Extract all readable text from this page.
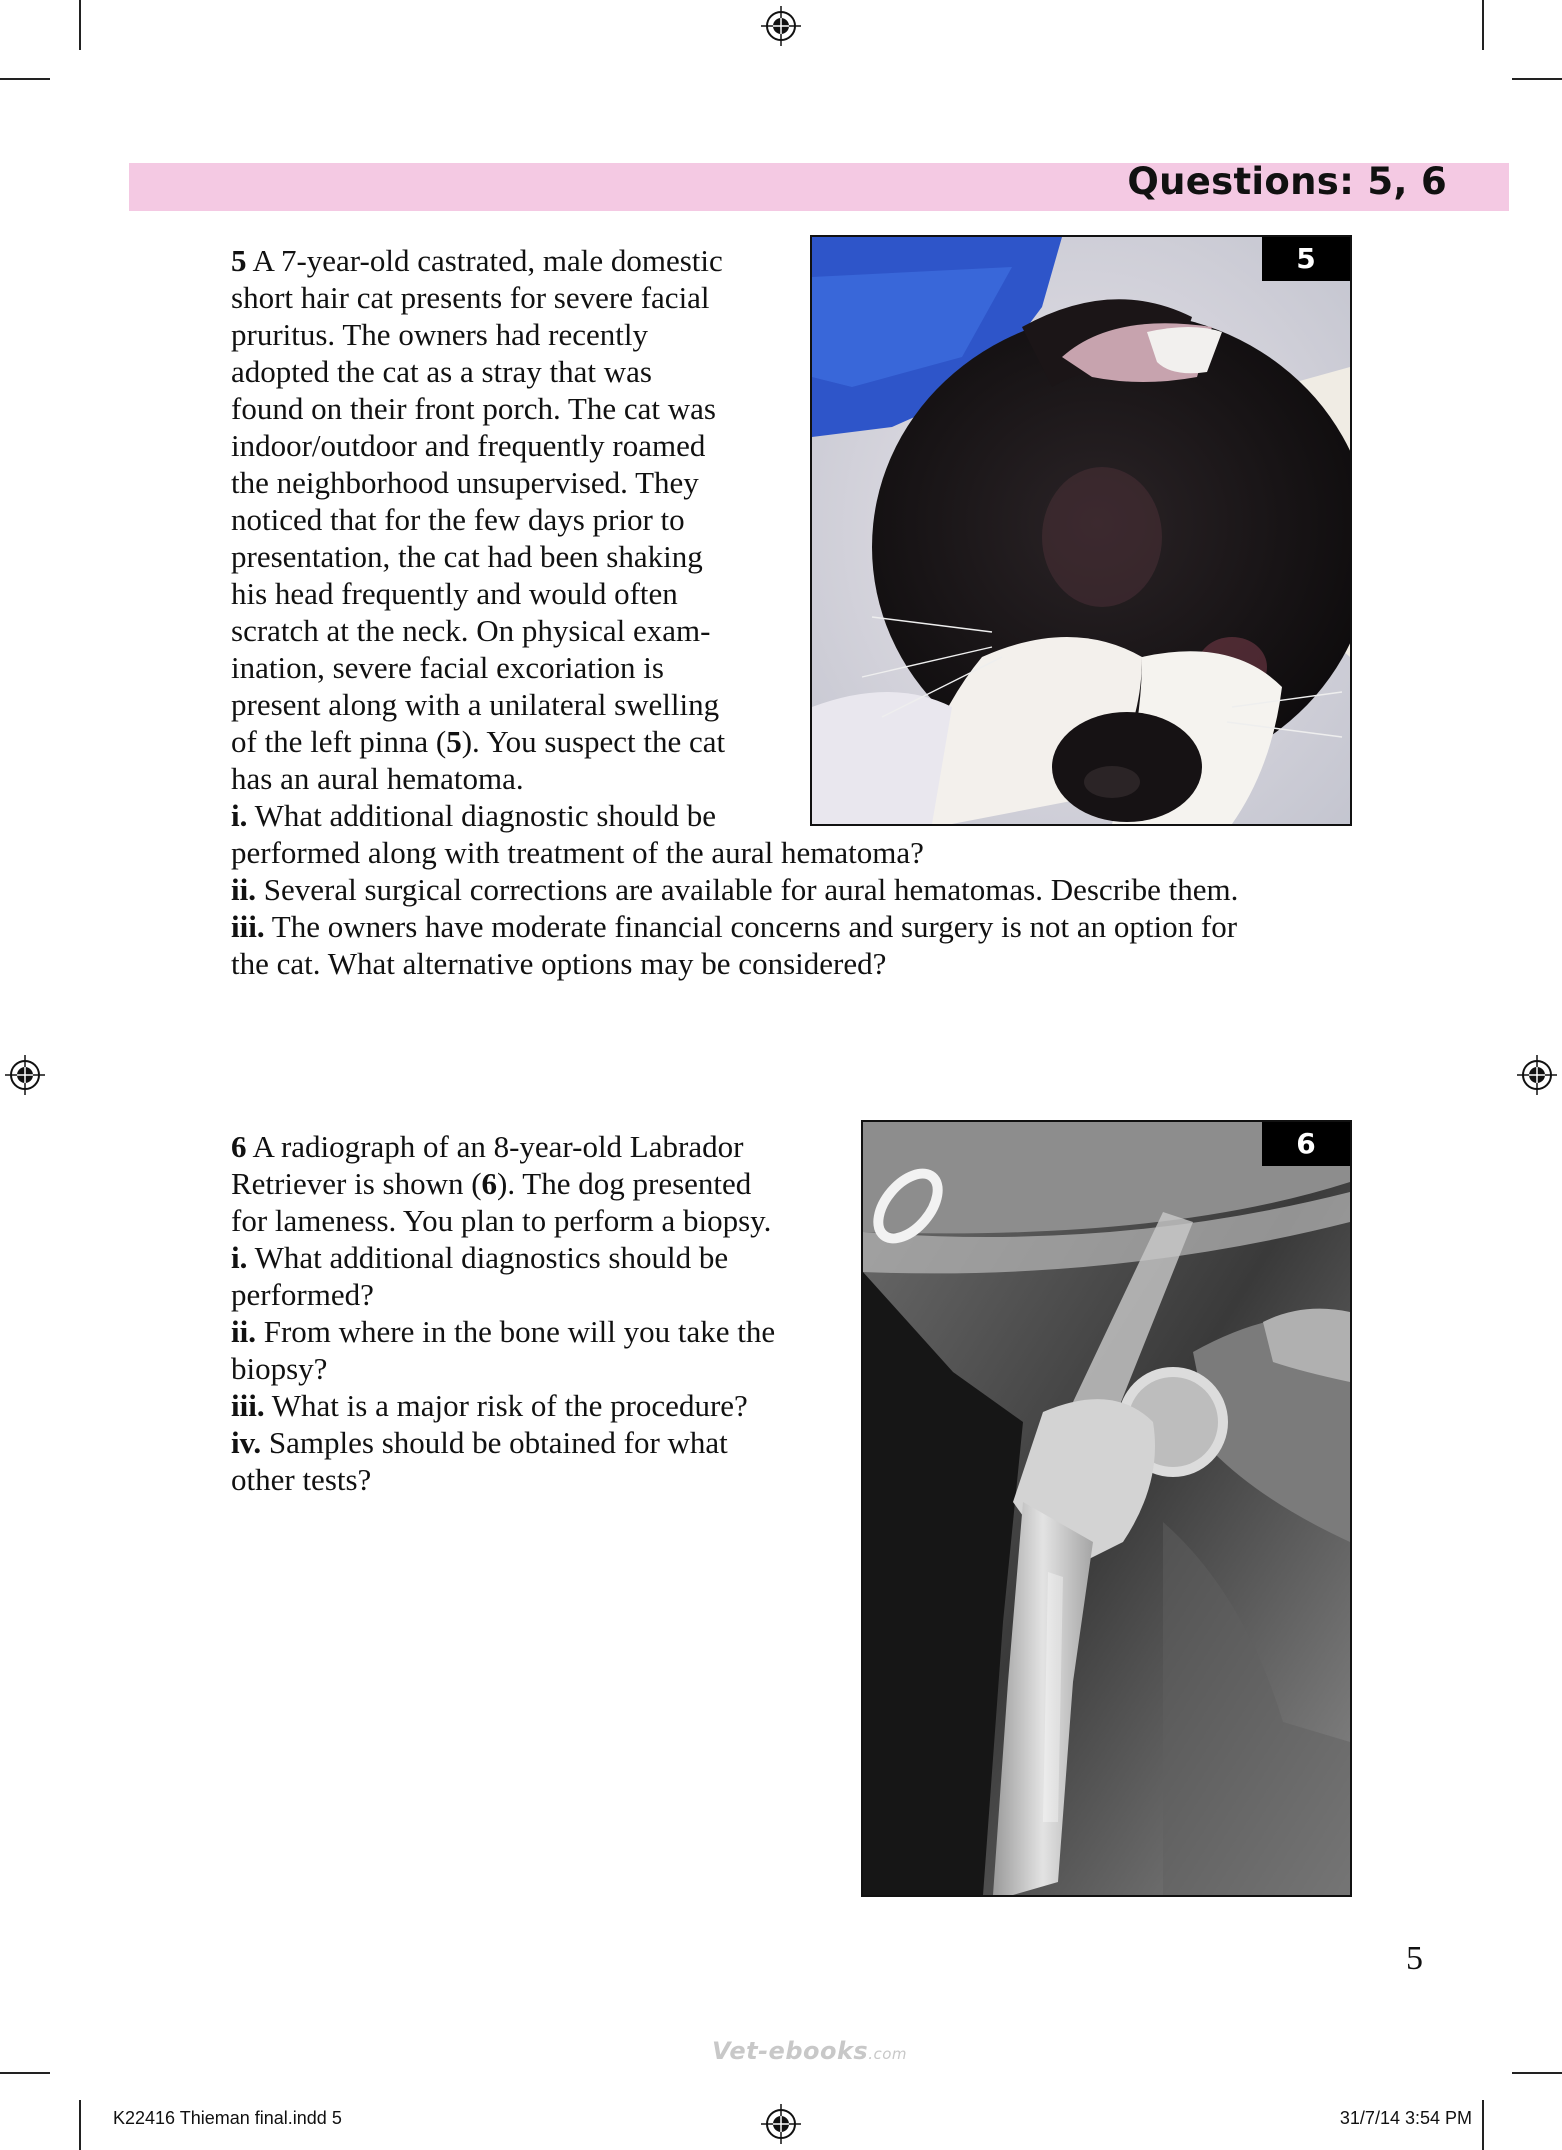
Questions: 5, 6

5 A 7-year-old castrated, male domestic

short hair cat presents for severe facial

pruritus. The owners had recently

adopted the cat as a stray that was

found on their front porch. The cat was

indoor/outdoor and frequently roamed

the neighborhood unsupervised. They

noticed that for the few days prior to

presentation, the cat had been shaking

his head frequently and would often

scratch at the neck. On physical exam-

ination, severe facial excoriation is

present along with a unilateral swelling

of the left pinna (5). You suspect the cat

has an aural hematoma.

i. What additional diagnostic should be

performed along with treatment of the aural hematoma?

ii. Several surgical corrections are available for aural hematomas. Describe them.

iii. The owners have moderate financial concerns and surgery is not an option for

the cat. What alternative options may be considered?

5

6 A radiograph of an 8-year-old Labrador

Retriever is shown (6). The dog presented

for lameness. You plan to perform a biopsy.

i. What additional diagnostics should be

performed?

ii. From where in the bone will you take the

biopsy?

iii. What is a major risk of the procedure?

iv. Samples should be obtained for what

other tests?

6
5
Vet-ebooks.com
K22416 Thieman final.indd 5	31/7/14 3:54 PM
